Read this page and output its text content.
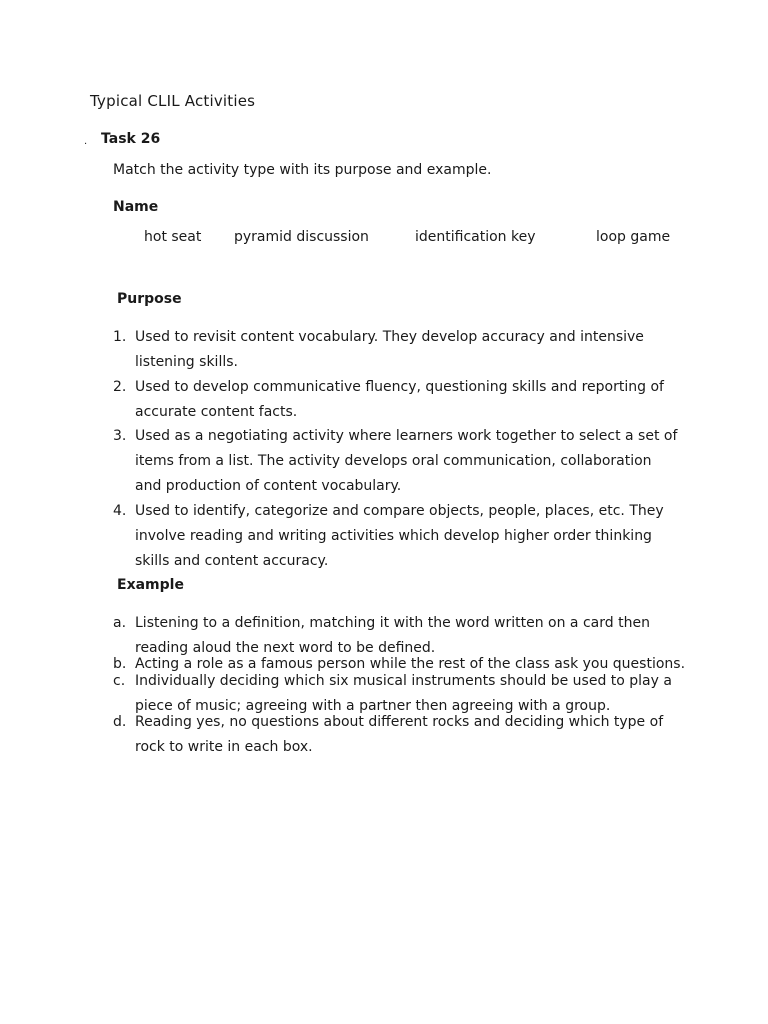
Typical CLIL Activities
. Task 26
Match the activity type with its purpose and example.
Name
hot seat pyramid discussion	identification key	loop game
Purpose
1. Used to revisit content vocabulary. They develop accuracy and intensive
listening skills.
2. Used to develop communicative fluency, questioning skills and reporting of
accurate content facts.
3. Used as a negotiating activity where learners work together to select a set of
items from a list. The activity develops oral communication, collaboration
and production of content vocabulary.
4. Used to identify, categorize and compare objects, people, places, etc. They
involve reading and writing activities which develop higher order thinking
skills and content accuracy.
Example
a. Listening to a definition, matching it with the word written on a card then
reading aloud the next word to be defined.
b. Acting a role as a famous person while the rest of the class ask you questions.
c. Individually deciding which six musical instruments should be used to play a
piece of music; agreeing with a partner then agreeing with a group.
d. Reading yes, no questions about different rocks and deciding which type of
rock to write in each box.
